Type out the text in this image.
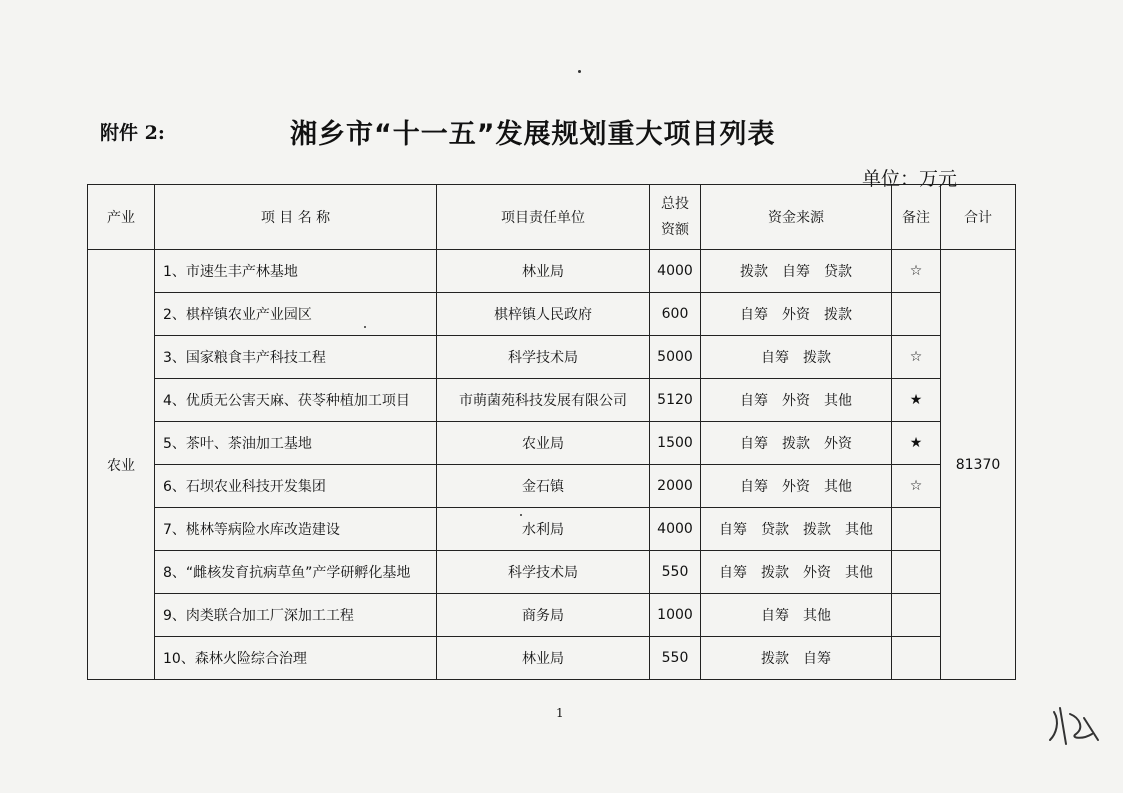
附件 2:	湘乡市“十一五”发展规划重大项目列表
单位：万元
产业	项 目 名 称	项目责任单位	总投资额	资金来源	备注	合计
农业	1、市速生丰产林基地	林业局	4000	拨款　自筹　贷款	☆	81370
	2、棋梓镇农业产业园区	棋梓镇人民政府	600	自筹　外资　拨款		
	3、国家粮食丰产科技工程	科学技术局	5000	自筹　拨款	☆	
	4、优质无公害天麻、茯苓种植加工项目	市萌菌苑科技发展有限公司	5120	自筹　外资　其他	★	
	5、茶叶、茶油加工基地	农业局	1500	自筹　拨款　外资	★	
	6、石坝农业科技开发集团	金石镇	2000	自筹　外资　其他	☆	
	7、桃林等病险水库改造建设	水利局	4000	自筹　贷款　拨款　其他		
	8、“雌核发育抗病草鱼”产学研孵化基地	科学技术局	550	自筹　拨款　外资　其他		
	9、肉类联合加工厂深加工工程	商务局	1000	自筹　其他		
	10、森林火险综合治理	林业局	550	拨款　自筹		
1
